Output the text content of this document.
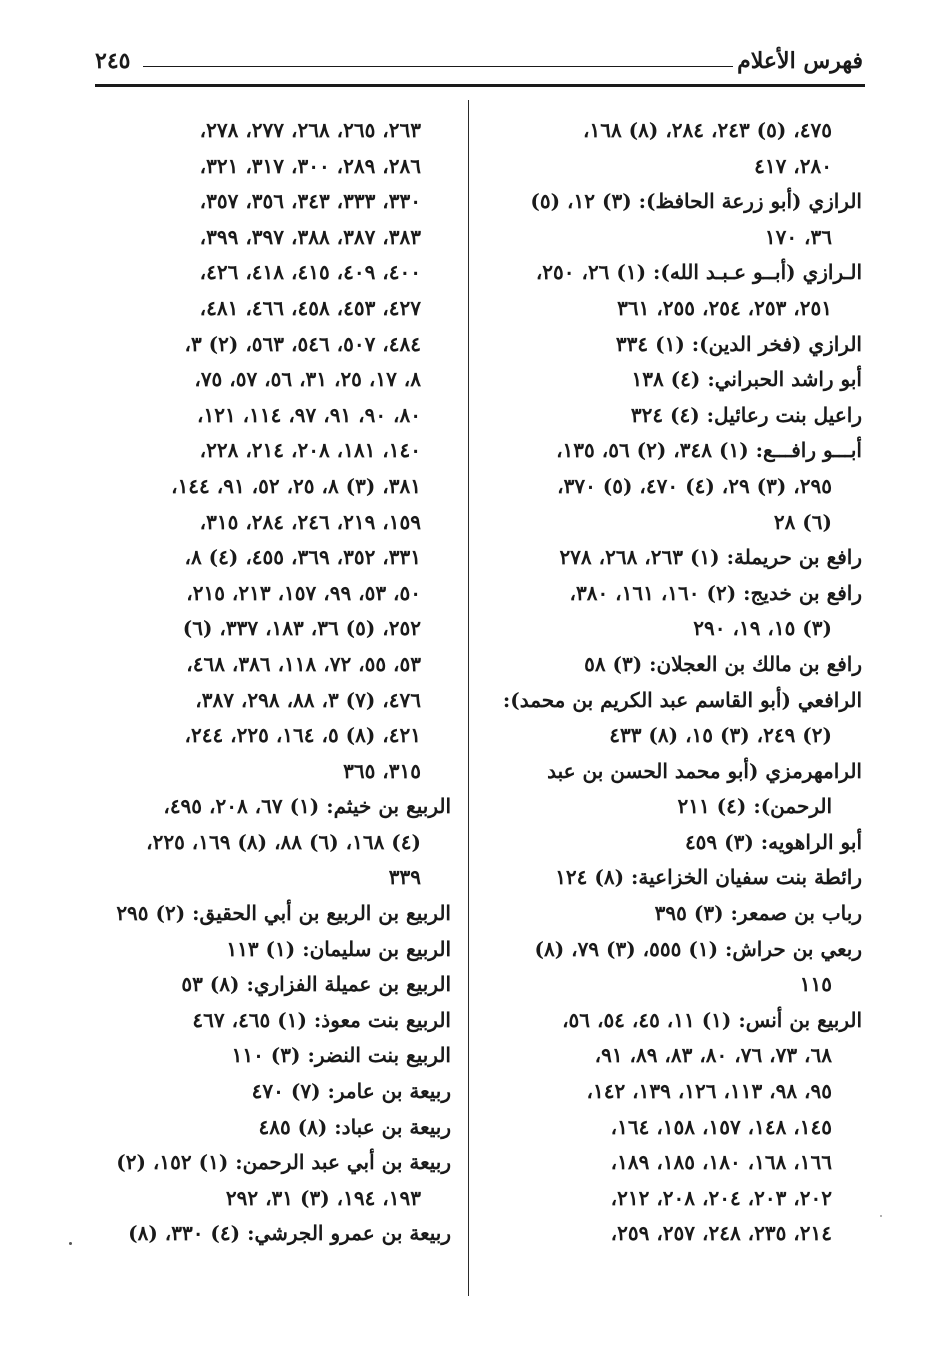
فهرس الأعلام
٢٤٥
٤٧٥، (٥) ٢٤٣، ٢٨٤، (٨) ١٦٨،
٢٨٠، ٤١٧
الرازي (أبو زرعة الحافظ): (٣) ١٢، (٥)
٣٦، ١٧٠
الـرازي (أبــو عـبـد الله): (١) ٢٦، ٢٥٠،
٢٥١، ٢٥٣، ٢٥٤، ٢٥٥، ٣٦١
الرازي (فخر الدين): (١) ٣٣٤
أبو راشد الحبراني: (٤) ١٣٨
راعيل بنت رعائيل: (٤) ٣٢٤
أبـــو رافـــع: (١) ٣٤٨، (٢) ٥٦، ١٣٥،
٢٩٥، (٣) ٢٩، (٤) ٤٧٠، (٥) ٣٧٠،
(٦) ٢٨
رافع بن حريملة: (١) ٢٦٣، ٢٦٨، ٢٧٨
رافع بن خديج: (٢) ١٦٠، ١٦١، ٣٨٠،
(٣) ١٥، ١٩، ٢٩٠
رافع بن مالك بن العجلان: (٣) ٥٨
الرافعي (أبو القاسم عبد الكريم بن محمد):
(٢) ٢٤٩، (٣) ١٥، (٨) ٤٣٣
الرامهرمزي (أبو محمد الحسن بن عبد
الرحمن): (٤) ٢١١
أبو الراهويه: (٣) ٤٥٩
رائطة بنت سفيان الخزاعية: (٨) ١٢٤
رباب بن صمعر: (٣) ٣٩٥
ربعي بن حراش: (١) ٥٥٥، (٣) ٧٩، (٨)
١١٥
الربيع بن أنس: (١) ١١، ٤٥، ٥٤، ٥٦،
٦٨، ٧٣، ٧٦، ٨٠، ٨٣، ٨٩، ٩١،
٩٥، ٩٨، ١١٣، ١٢٦، ١٣٩، ١٤٢،
١٤٥، ١٤٨، ١٥٧، ١٥٨، ١٦٤،
١٦٦، ١٦٨، ١٨٠، ١٨٥، ١٨٩،
٢٠٢، ٢٠٣، ٢٠٤، ٢٠٨، ٢١٢،
٢١٤، ٢٣٥، ٢٤٨، ٢٥٧، ٢٥٩،
٢٦٣، ٢٦٥، ٢٦٨، ٢٧٧، ٢٧٨،
٢٨٦، ٢٨٩، ٣٠٠، ٣١٧، ٣٢١،
٣٣٠، ٣٣٣، ٣٤٣، ٣٥٦، ٣٥٧،
٣٨٣، ٣٨٧، ٣٨٨، ٣٩٧، ٣٩٩،
٤٠٠، ٤٠٩، ٤١٥، ٤١٨، ٤٢٦،
٤٢٧، ٤٥٣، ٤٥٨، ٤٦٦، ٤٨١،
٤٨٤، ٥٠٧، ٥٤٦، ٥٦٣، (٢) ٣،
٨، ١٧، ٢٥، ٣١، ٥٦، ٥٧، ٧٥،
٨٠، ٩٠، ٩١، ٩٧، ١١٤، ١٢١،
١٤٠، ١٨١، ٢٠٨، ٢١٤، ٢٢٨،
٣٨١، (٣) ٨، ٢٥، ٥٢، ٩١، ١٤٤،
١٥٩، ٢١٩، ٢٤٦، ٢٨٤، ٣١٥،
٣٣١، ٣٥٢، ٣٦٩، ٤٥٥، (٤) ٨،
٥٠، ٥٣، ٩٩، ١٥٧، ٢١٣، ٢١٥،
٢٥٢، (٥) ٣٦، ١٨٣، ٣٣٧، (٦)
٥٣، ٥٥، ٧٢، ١١٨، ٣٨٦، ٤٦٨،
٤٧٦، (٧) ٣، ٨٨، ٢٩٨، ٣٨٧،
٤٢١، (٨) ٥، ١٦٤، ٢٢٥، ٢٤٤،
٣١٥، ٣٦٥
الربيع بن خيثم: (١) ٦٧، ٢٠٨، ٤٩٥،
(٤) ١٦٨، (٦) ٨٨، (٨) ١٦٩، ٢٢٥،
٣٣٩
الربيع بن الربيع بن أبي الحقيق: (٢) ٢٩٥
الربيع بن سليمان: (١) ١١٣
الربيع بن عميلة الفزاري: (٨) ٥٣
الربيع بنت معوذ: (١) ٤٦٥، ٤٦٧
الربيع بنت النضر: (٣) ١١٠
ربيعة بن عامر: (٧) ٤٧٠
ربيعة بن عباد: (٨) ٤٨٥
ربيعة بن أبي عبد الرحمن: (١) ١٥٢، (٢)
١٩٣، ١٩٤، (٣) ٣١، ٢٩٢
ربيعة بن عمرو الجرشي: (٤) ٣٣٠، (٨)
